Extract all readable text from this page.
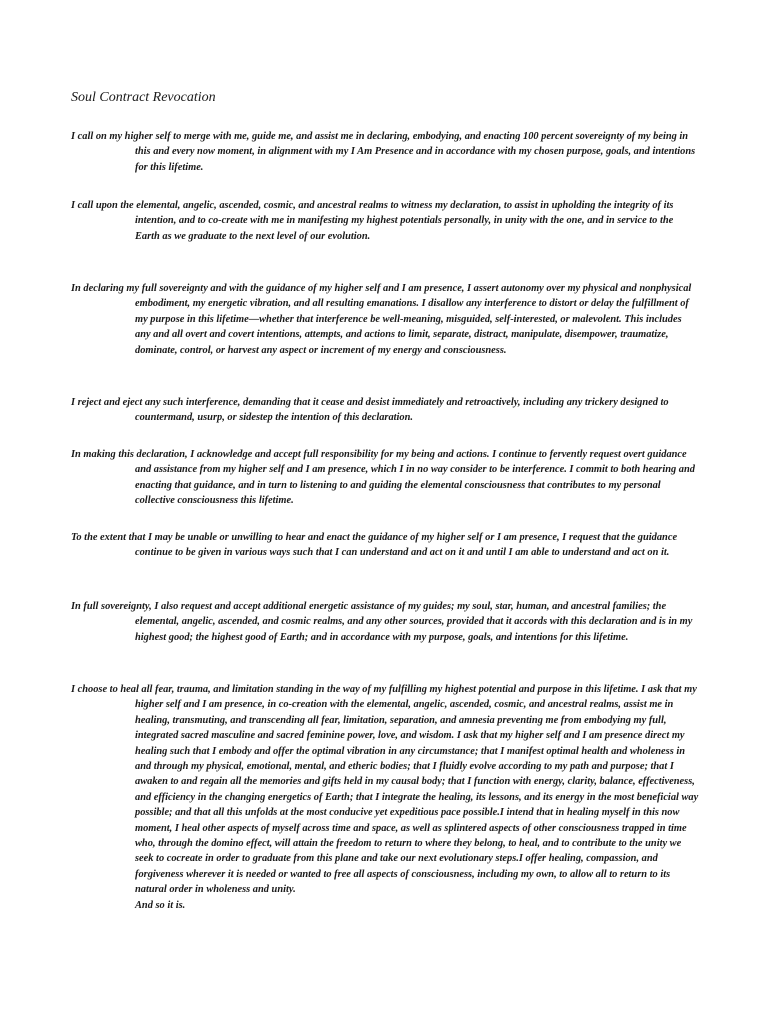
Soul Contract Revocation

I call on my higher self to merge with me, guide me, and assist me in declaring, embodying, and enacting 100 percent sovereignty of my being in this and every now moment, in alignment with my I Am Presence and in accordance with my chosen purpose, goals, and intentions for this lifetime.

I call upon the elemental, angelic, ascended, cosmic, and ancestral realms to witness my declaration, to assist in upholding the integrity of its intention, and to co-create with me in manifesting my highest potentials personally, in unity with the one, and in service to the Earth as we graduate to the next level of our evolution.

In declaring my full sovereignty and with the guidance of my higher self and I am presence, I assert autonomy over my physical and nonphysical embodiment, my energetic vibration, and all resulting emanations. I disallow any interference to distort or delay the fulfillment of my purpose in this lifetime—whether that interference be well-meaning, misguided, self-interested, or malevolent. This includes any and all overt and covert intentions, attempts, and actions to limit, separate, distract, manipulate, disempower, traumatize, dominate, control, or harvest any aspect or increment of my energy and consciousness.

I reject and eject any such interference, demanding that it cease and desist immediately and retroactively, including any trickery designed to countermand, usurp, or sidestep the intention of this declaration.

In making this declaration, I acknowledge and accept full responsibility for my being and actions. I continue to fervently request overt guidance and assistance from my higher self and I am presence, which I in no way consider to be interference. I commit to both hearing and enacting that guidance, and in turn to listening to and guiding the elemental consciousness that contributes to my personal collective consciousness this lifetime.

To the extent that I may be unable or unwilling to hear and enact the guidance of my higher self or I am presence, I request that the guidance continue to be given in various ways such that I can understand and act on it and until I am able to understand and act on it.

In full sovereignty, I also request and accept additional energetic assistance of my guides; my soul, star, human, and ancestral families; the elemental, angelic, ascended, and cosmic realms, and any other sources, provided that it accords with this declaration and is in my highest good; the highest good of Earth; and in accordance with my purpose, goals, and intentions for this lifetime.

I choose to heal all fear, trauma, and limitation standing in the way of my fulfilling my highest potential and purpose in this lifetime. I ask that my higher self and I am presence, in co-creation with the elemental, angelic, ascended, cosmic, and ancestral realms, assist me in healing, transmuting, and transcending all fear, limitation, separation, and amnesia preventing me from embodying my full, integrated sacred masculine and sacred feminine power, love, and wisdom. I ask that my higher self and I am presence direct my healing such that I embody and offer the optimal vibration in any circumstance; that I manifest optimal health and wholeness in and through my physical, emotional, mental, and etheric bodies; that I fluidly evolve according to my path and purpose; that I awaken to and regain all the memories and gifts held in my causal body; that I function with energy, clarity, balance, effectiveness, and efficiency in the changing energetics of Earth; that I integrate the healing, its lessons, and its energy in the most beneficial way possible; and that all this unfolds at the most conducive yet expeditious pace possible.I intend that in healing myself in this now moment, I heal other aspects of myself across time and space, as well as splintered aspects of other consciousness trapped in time who, through the domino effect, will attain the freedom to return to where they belong, to heal, and to contribute to the unity we seek to cocreate in order to graduate from this plane and take our next evolutionary steps.I offer healing, compassion, and forgiveness wherever it is needed or wanted to free all aspects of consciousness, including my own, to allow all to return to its natural order in wholeness and unity.
And so it is.
